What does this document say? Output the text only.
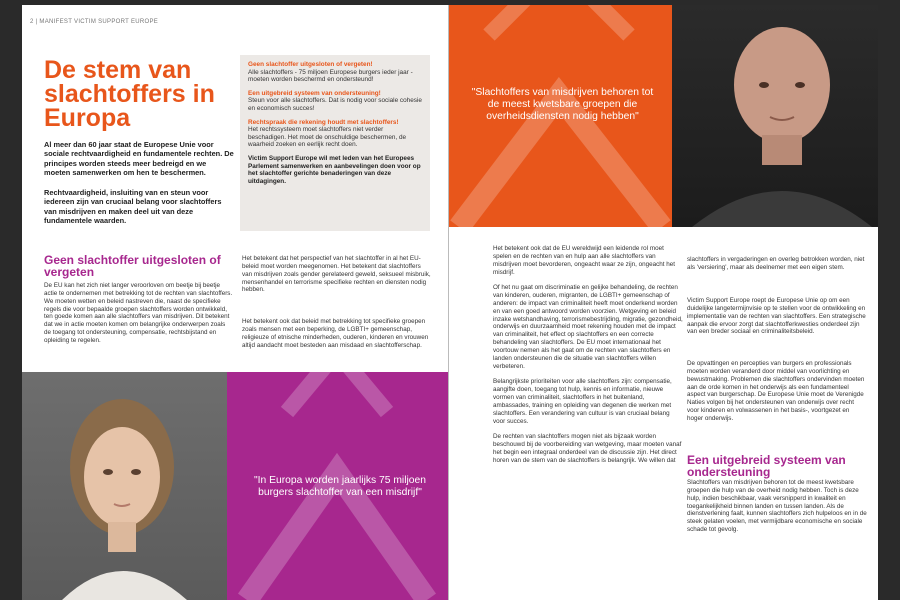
2 | MANIFEST VICTIM SUPPORT EUROPE
De stem van slachtoffers in Europa

Al meer dan 60 jaar staat de Europese Unie voor sociale rechtvaardigheid en fundamentele rechten. De principes worden steeds meer bedreigd en we moeten samenwerken om hen te beschermen.

Rechtvaardigheid, insluiting van en steun voor iedereen zijn van cruciaal belang voor slachtoffers van misdrijven en maken deel uit van deze fundamentele waarden.

Geen slachtoffer uitgesloten of vergeten!

Alle slachtoffers - 75 miljoen Europese burgers ieder jaar - moeten worden beschermd en ondersteund!

Een uitgebreid systeem van ondersteuning!

Steun voor alle slachtoffers. Dat is nodig voor sociale cohesie en economisch succes!

Rechtspraak die rekening houdt met slachtoffers!

Het rechtssysteem moet slachtoffers niet verder beschadigen. Het moet de onschuldige beschermen, de waarheid zoeken en eerlijk recht doen.

Victim Support Europe wil met leden van het Europees Parlement samenwerken en aanbevelingen doen voor op het slachtoffer gerichte benaderingen van deze uitdagingen.

Geen slachtoffer uitgesloten of vergeten

De EU kan het zich niet langer veroorloven om beetje bij beetje actie te ondernemen met betrekking tot de rechten van slachtoffers. We moeten wetten en beleid nastreven die, naast de specifieke regels die voor bepaalde groepen slachtoffers worden ontwikkeld, ten goede komen aan alle slachtoffers van misdrijven. Dit betekent dat we in actie moeten komen om belangrijke onderwerpen zoals de toegang tot ondersteuning, compensatie, rechtsbijstand en opleiding te regelen.

Het betekent dat het perspectief van het slachtoffer in al het EU-beleid moet worden meegenomen. Het betekent dat slachtoffers van misdrijven zoals gender gerelateerd geweld, seksueel misbruik, mensenhandel en terrorisme specifieke rechten en diensten nodig hebben.

Het betekent ook dat beleid met betrekking tot specifieke groepen zoals mensen met een beperking, de LGBTI+ gemeenschap, religieuze of etnische minderheden, ouderen, kinderen en vrouwen altijd aandacht moet besteden aan misdaad en slachtofferschap.

"In Europa worden jaarlijks 75 miljoen burgers slachtoffer van een misdrijf"

"Slachtoffers van misdrijven behoren tot de meest kwetsbare groepen die overheidsdiensten nodig hebben"

Het betekent ook dat de EU wereldwijd een leidende rol moet spelen en de rechten van en hulp aan alle slachtoffers van misdrijven moet bevorderen, ongeacht waar ze zijn, ongeacht het misdrijf.

Of het nu gaat om discriminatie en gelijke behandeling, de rechten van kinderen, ouderen, migranten, de LGBTI+ gemeenschap of anderen: de impact van criminaliteit heeft moet onderkend worden en van een goed antwoord worden voorzien. Wetgeving en beleid inzake wetshandhaving, terrorismebestrijding, migratie, gezondheid, onderwijs en duurzaamheid moet rekening houden met de impact van criminaliteit, het effect op slachtoffers en een correcte behandeling van slachtoffers. De EU moet internationaal het voortouw nemen als het gaat om de rechten van slachtoffers en landen ondersteunen die de situatie van slachtoffers willen verbeteren.

Belangrijkste prioriteiten voor alle slachtoffers zijn: compensatie, aangifte doen, toegang tot hulp, kennis en informatie, nieuwe vormen van criminaliteit, slachtoffers in het buitenland, ambassades, training en opleiding van degenen die werken met slachtoffers. Een verandering van cultuur is van cruciaal belang voor succes.

De rechten van slachtoffers mogen niet als bijzaak worden beschouwd bij de voorbereiding van wetgeving, maar moeten vanaf het begin een integraal onderdeel van de discussie zijn. Het direct horen van de stem van de slachtoffers is belangrijk. We willen dat

slachtoffers in vergaderingen en overleg betrokken worden, niet als 'versiering', maar als deelnemer met een eigen stem.

Victim Support Europe roept de Europese Unie op om een duidelijke langetermijnvisie op te stellen voor de ontwikkeling en implementatie van de rechten van slachtoffers. Een strategische aanpak die ervoor zorgt dat slachtofferkwesties onderdeel zijn van een breder sociaal en criminaliteitsbeleid.

De opvattingen en percepties van burgers en professionals moeten worden veranderd door middel van voorlichting en bewustmaking. Problemen die slachtoffers ondervinden moeten aan de orde komen in het onderwijs als een fundamenteel aspect van burgerschap. De Europese Unie moet de Verenigde Naties volgen bij het ondersteunen van onderwijs over recht voor kinderen en volwassenen in het basis-, voortgezet en hoger onderwijs.

Een uitgebreid systeem van ondersteuning

Slachtoffers van misdrijven behoren tot de meest kwetsbare groepen die hulp van de overheid nodig hebben. Toch is deze hulp, indien beschikbaar, vaak versnipperd in kwaliteit en toegankelijkheid binnen landen en tussen landen. Als de dienstverlening faalt, kunnen slachtoffers zich hulpeloos en in de steek gelaten voelen, met vermijdbare economische en sociale schade tot gevolg.
